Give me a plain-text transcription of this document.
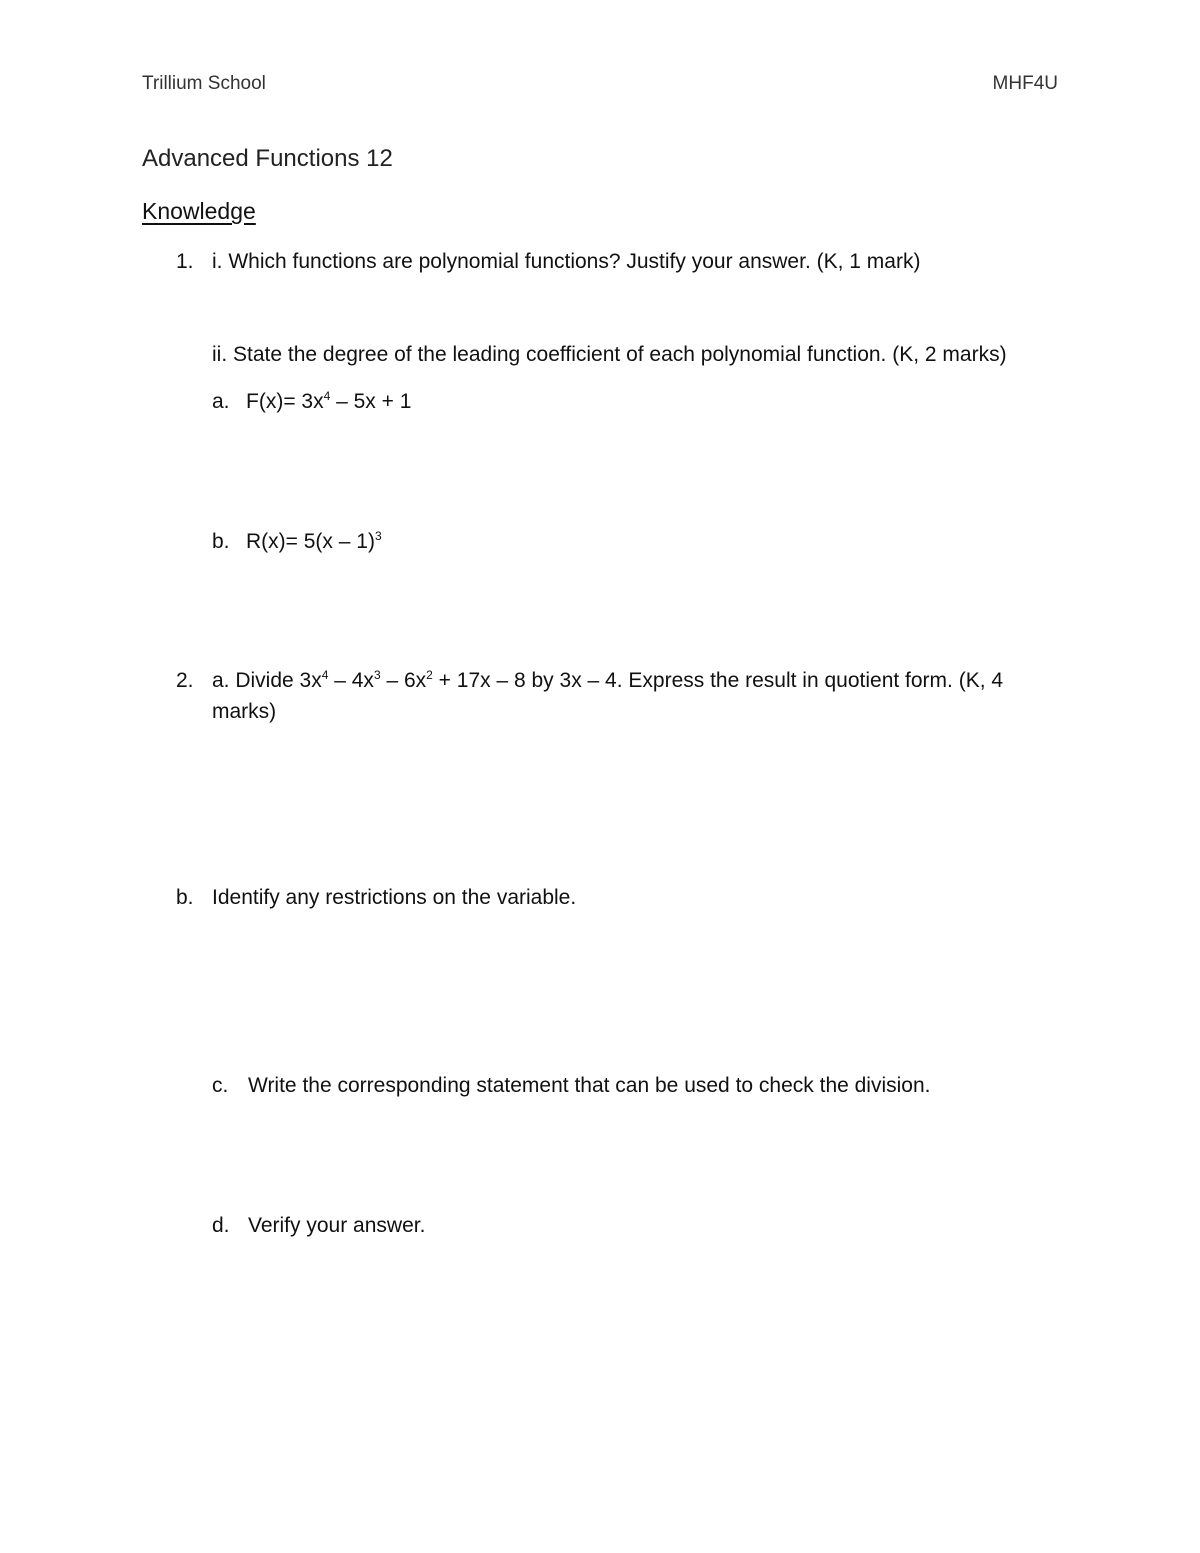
Trillium School	MHF4U
Advanced Functions 12
Knowledge
1. i. Which functions are polynomial functions? Justify your answer. (K, 1 mark)
ii. State the degree of the leading coefficient of each polynomial function. (K, 2 marks)
a. $F(x)= 3x^4 - 5x + 1$
b. R(x)= 5(x – 1)$^3$
2. a. Divide $3x^4 - 4x^3 - 6x^2 + 17x - 8$ by 3x – 4. Express the result in quotient form. (K, 4
marks)
b. Identify any restrictions on the variable.
c. Write the corresponding statement that can be used to check the division.
d. Verify your answer.
